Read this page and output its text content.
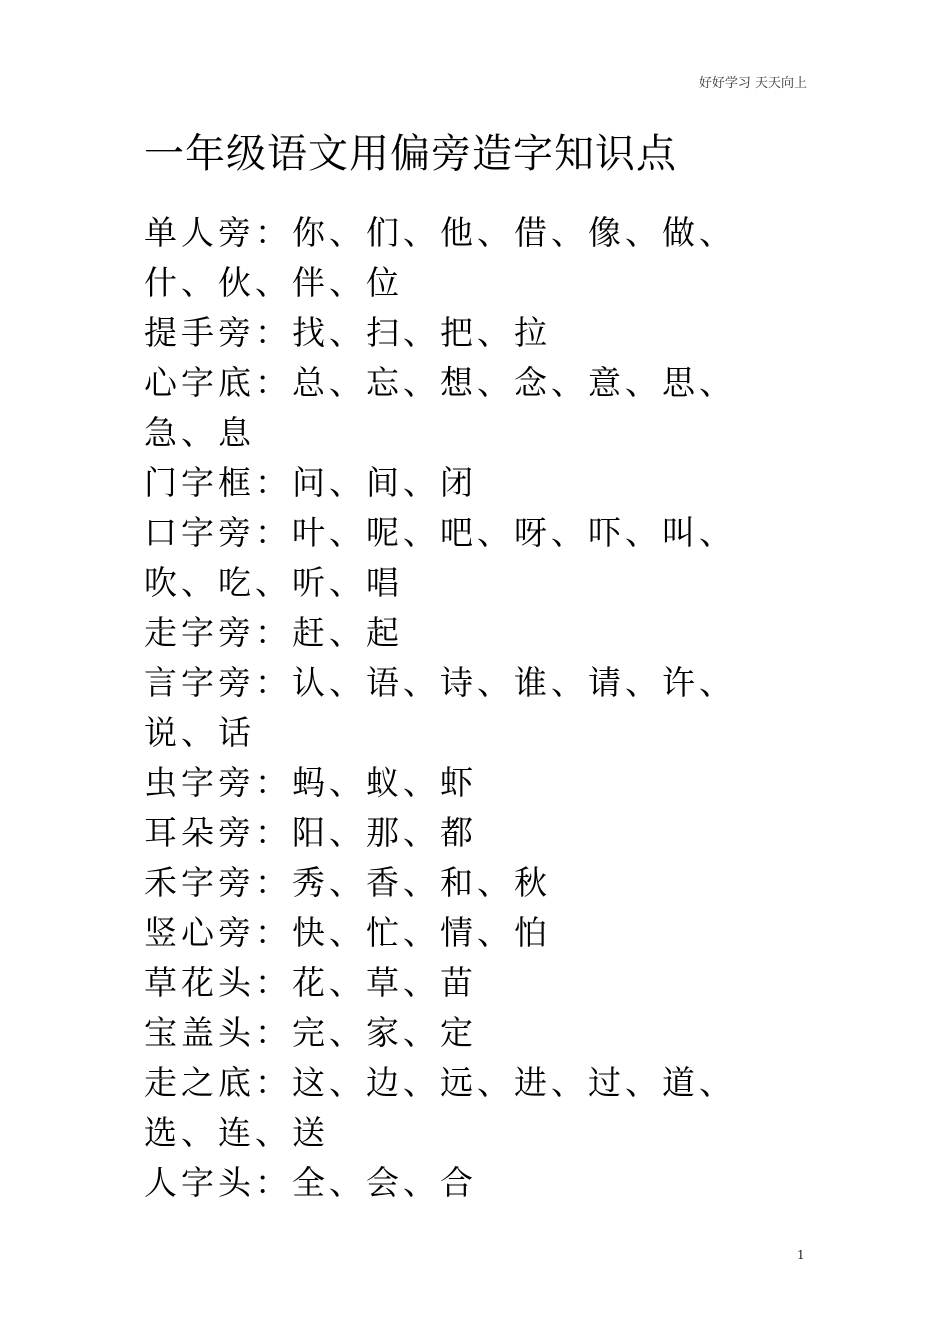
好好学习 天天向上
一年级语文用偏旁造字知识点
单人旁：你、们、他、借、像、做、什、伙、伴、位
提手旁：找、扫、把、拉
心字底：总、忘、想、念、意、思、急、息
门字框：问、间、闭
口字旁：叶、呢、吧、呀、吓、叫、吹、吃、听、唱
走字旁：赶、起
言字旁：认、语、诗、谁、请、许、说、话
虫字旁：蚂、蚁、虾
耳朵旁：阳、那、都
禾字旁：秀、香、和、秋
竖心旁：快、忙、情、怕
草花头：花、草、苗
宝盖头：完、家、定
走之底：这、边、远、进、过、道、选、连、送
人字头：全、会、合
1
